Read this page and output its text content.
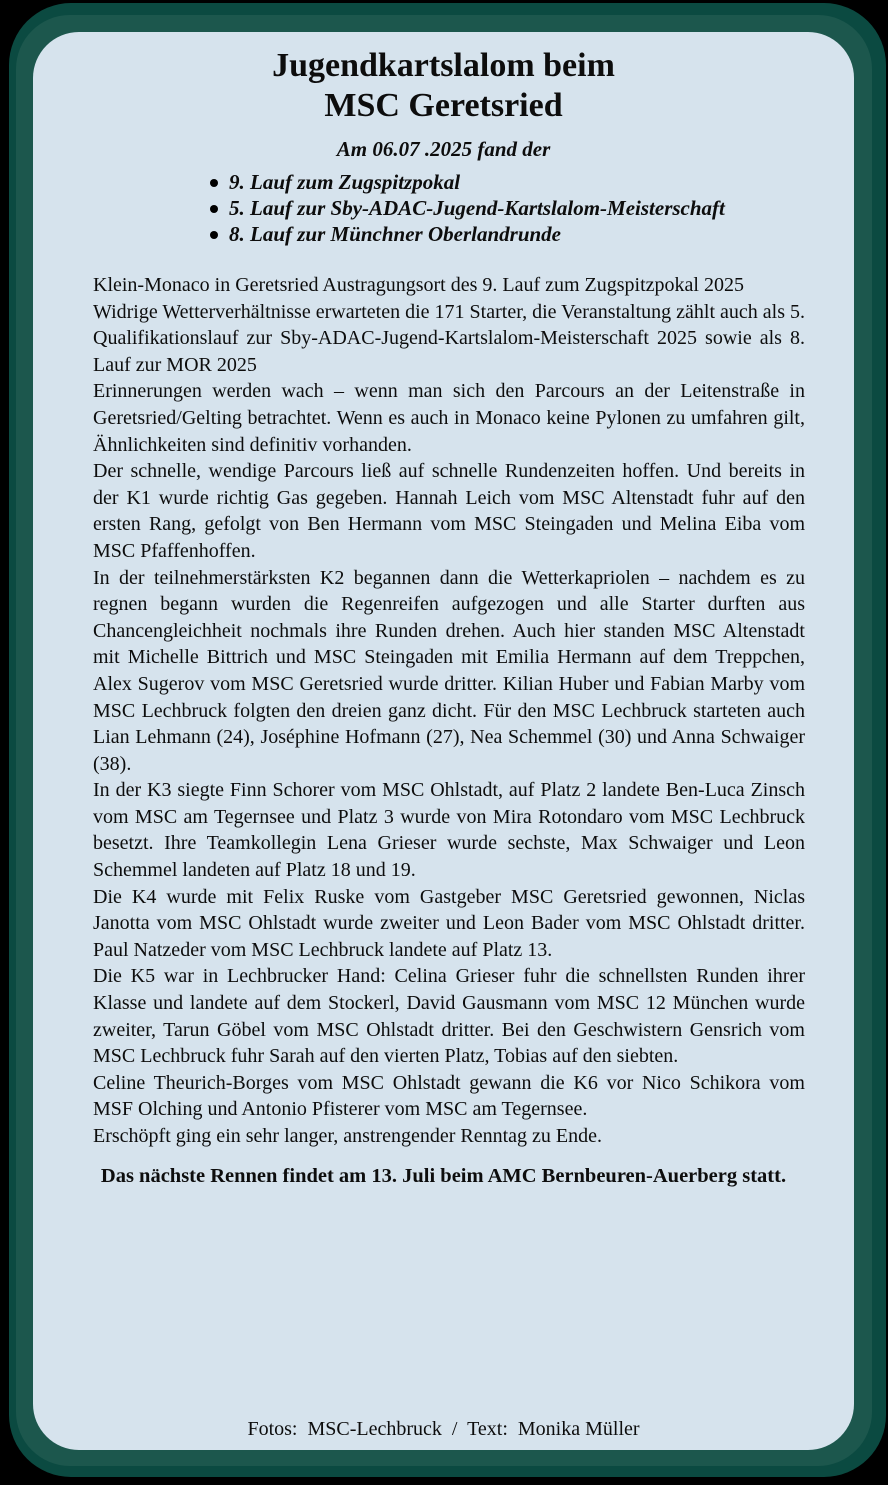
Jugendkartslalom beim
MSC Geretsried
Am 06.07 .2025 fand der
9. Lauf zum Zugspitzpokal
5. Lauf zur Sby-ADAC-Jugend-Kartslalom-Meisterschaft
8. Lauf zur Münchner Oberlandrunde

Klein-Monaco in Geretsried Austragungsort des 9. Lauf zum Zugspitzpokal 2025

Widrige Wetterverhältnisse erwarteten die 171 Starter, die Veranstaltung zählt auch als 5. Qualifikationslauf zur Sby-ADAC-Jugend-Kartslalom-Meisterschaft 2025 sowie als 8. Lauf zur MOR 2025

Erinnerungen werden wach – wenn man sich den Parcours an der Leitenstraße in Geretsried/Gelting betrachtet. Wenn es auch in Monaco keine Pylonen zu umfahren gilt, Ähnlichkeiten sind definitiv vorhanden.

Der schnelle, wendige Parcours ließ auf schnelle Rundenzeiten hoffen. Und bereits in der K1 wurde richtig Gas gegeben. Hannah Leich vom MSC Altenstadt fuhr auf den ersten Rang, gefolgt von Ben Hermann vom MSC Steingaden und Melina Eiba vom MSC Pfaffenhoffen.

In der teilnehmerstärksten K2 begannen dann die Wetterkapriolen – nachdem es zu regnen begann wurden die Regenreifen aufgezogen und alle Starter durften aus Chancengleichheit nochmals ihre Runden drehen. Auch hier standen MSC Altenstadt mit Michelle Bittrich und MSC Steingaden mit Emilia Hermann auf dem Treppchen, Alex Sugerov vom MSC Geretsried wurde dritter. Kilian Huber und Fabian Marby vom MSC Lechbruck folgten den dreien ganz dicht. Für den MSC Lechbruck starteten auch Lian Lehmann (24), Joséphine Hofmann (27), Nea Schemmel (30) und Anna Schwaiger (38).

In der K3 siegte Finn Schorer vom MSC Ohlstadt, auf Platz 2 landete Ben-Luca Zinsch vom MSC am Tegernsee und Platz 3 wurde von Mira Rotondaro vom MSC Lechbruck besetzt. Ihre Teamkollegin Lena Grieser wurde sechste, Max Schwaiger und Leon Schemmel landeten auf Platz 18 und 19.

Die K4 wurde mit Felix Ruske vom Gastgeber MSC Geretsried gewonnen, Niclas Janotta vom MSC Ohlstadt wurde zweiter und Leon Bader vom MSC Ohlstadt dritter. Paul Natzeder vom MSC Lechbruck landete auf Platz 13.

Die K5 war in Lechbrucker Hand: Celina Grieser fuhr die schnellsten Runden ihrer Klasse und landete auf dem Stockerl, David Gausmann vom MSC 12 München wurde zweiter, Tarun Göbel vom MSC Ohlstadt dritter. Bei den Geschwistern Gensrich vom MSC Lechbruck fuhr Sarah auf den vierten Platz, Tobias auf den siebten.

Celine Theurich-Borges vom MSC Ohlstadt gewann die K6 vor Nico Schikora vom MSF Olching und Antonio Pfisterer vom MSC am Tegernsee.

Erschöpft ging ein sehr langer, anstrengender Renntag zu Ende.

Das nächste Rennen findet am 13. Juli beim AMC Bernbeuren-Auerberg statt.
Fotos:  MSC-Lechbruck  /  Text:  Monika Müller
